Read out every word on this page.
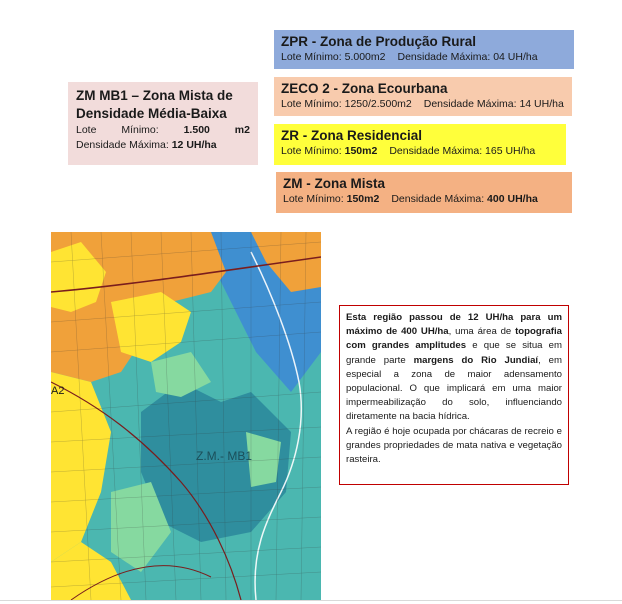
ZM MB1 – Zona Mista de Densidade Média-Baixa
Lote Mínimo: 1.500 m2
Densidade Máxima: 12 UH/ha
ZPR - Zona de Produção Rural
Lote Mínimo: 5.000m2 Densidade Máxima: 04 UH/ha
ZECO 2 - Zona Ecourbana
Lote Mínimo: 1250/2.500m2 Densidade Máxima: 14 UH/ha
ZR - Zona Residencial
Lote Mínimo: 150m2 Densidade Máxima: 165 UH/ha
ZM - Zona Mista
Lote Mínimo: 150m2 Densidade Máxima: 400 UH/ha
Z.M.- MB1
A2

Esta região passou de 12 UH/ha para um máximo de 400 UH/ha, uma área de topografia com grandes amplitudes e que se situa em grande parte margens do Rio Jundiaí, em especial a zona de maior adensamento populacional. O que implicará em uma maior impermeabilização do solo, influenciando diretamente na bacia hídrica.

A região é hoje ocupada por chácaras de recreio e grandes propriedades de mata nativa e vegetação rasteira.
